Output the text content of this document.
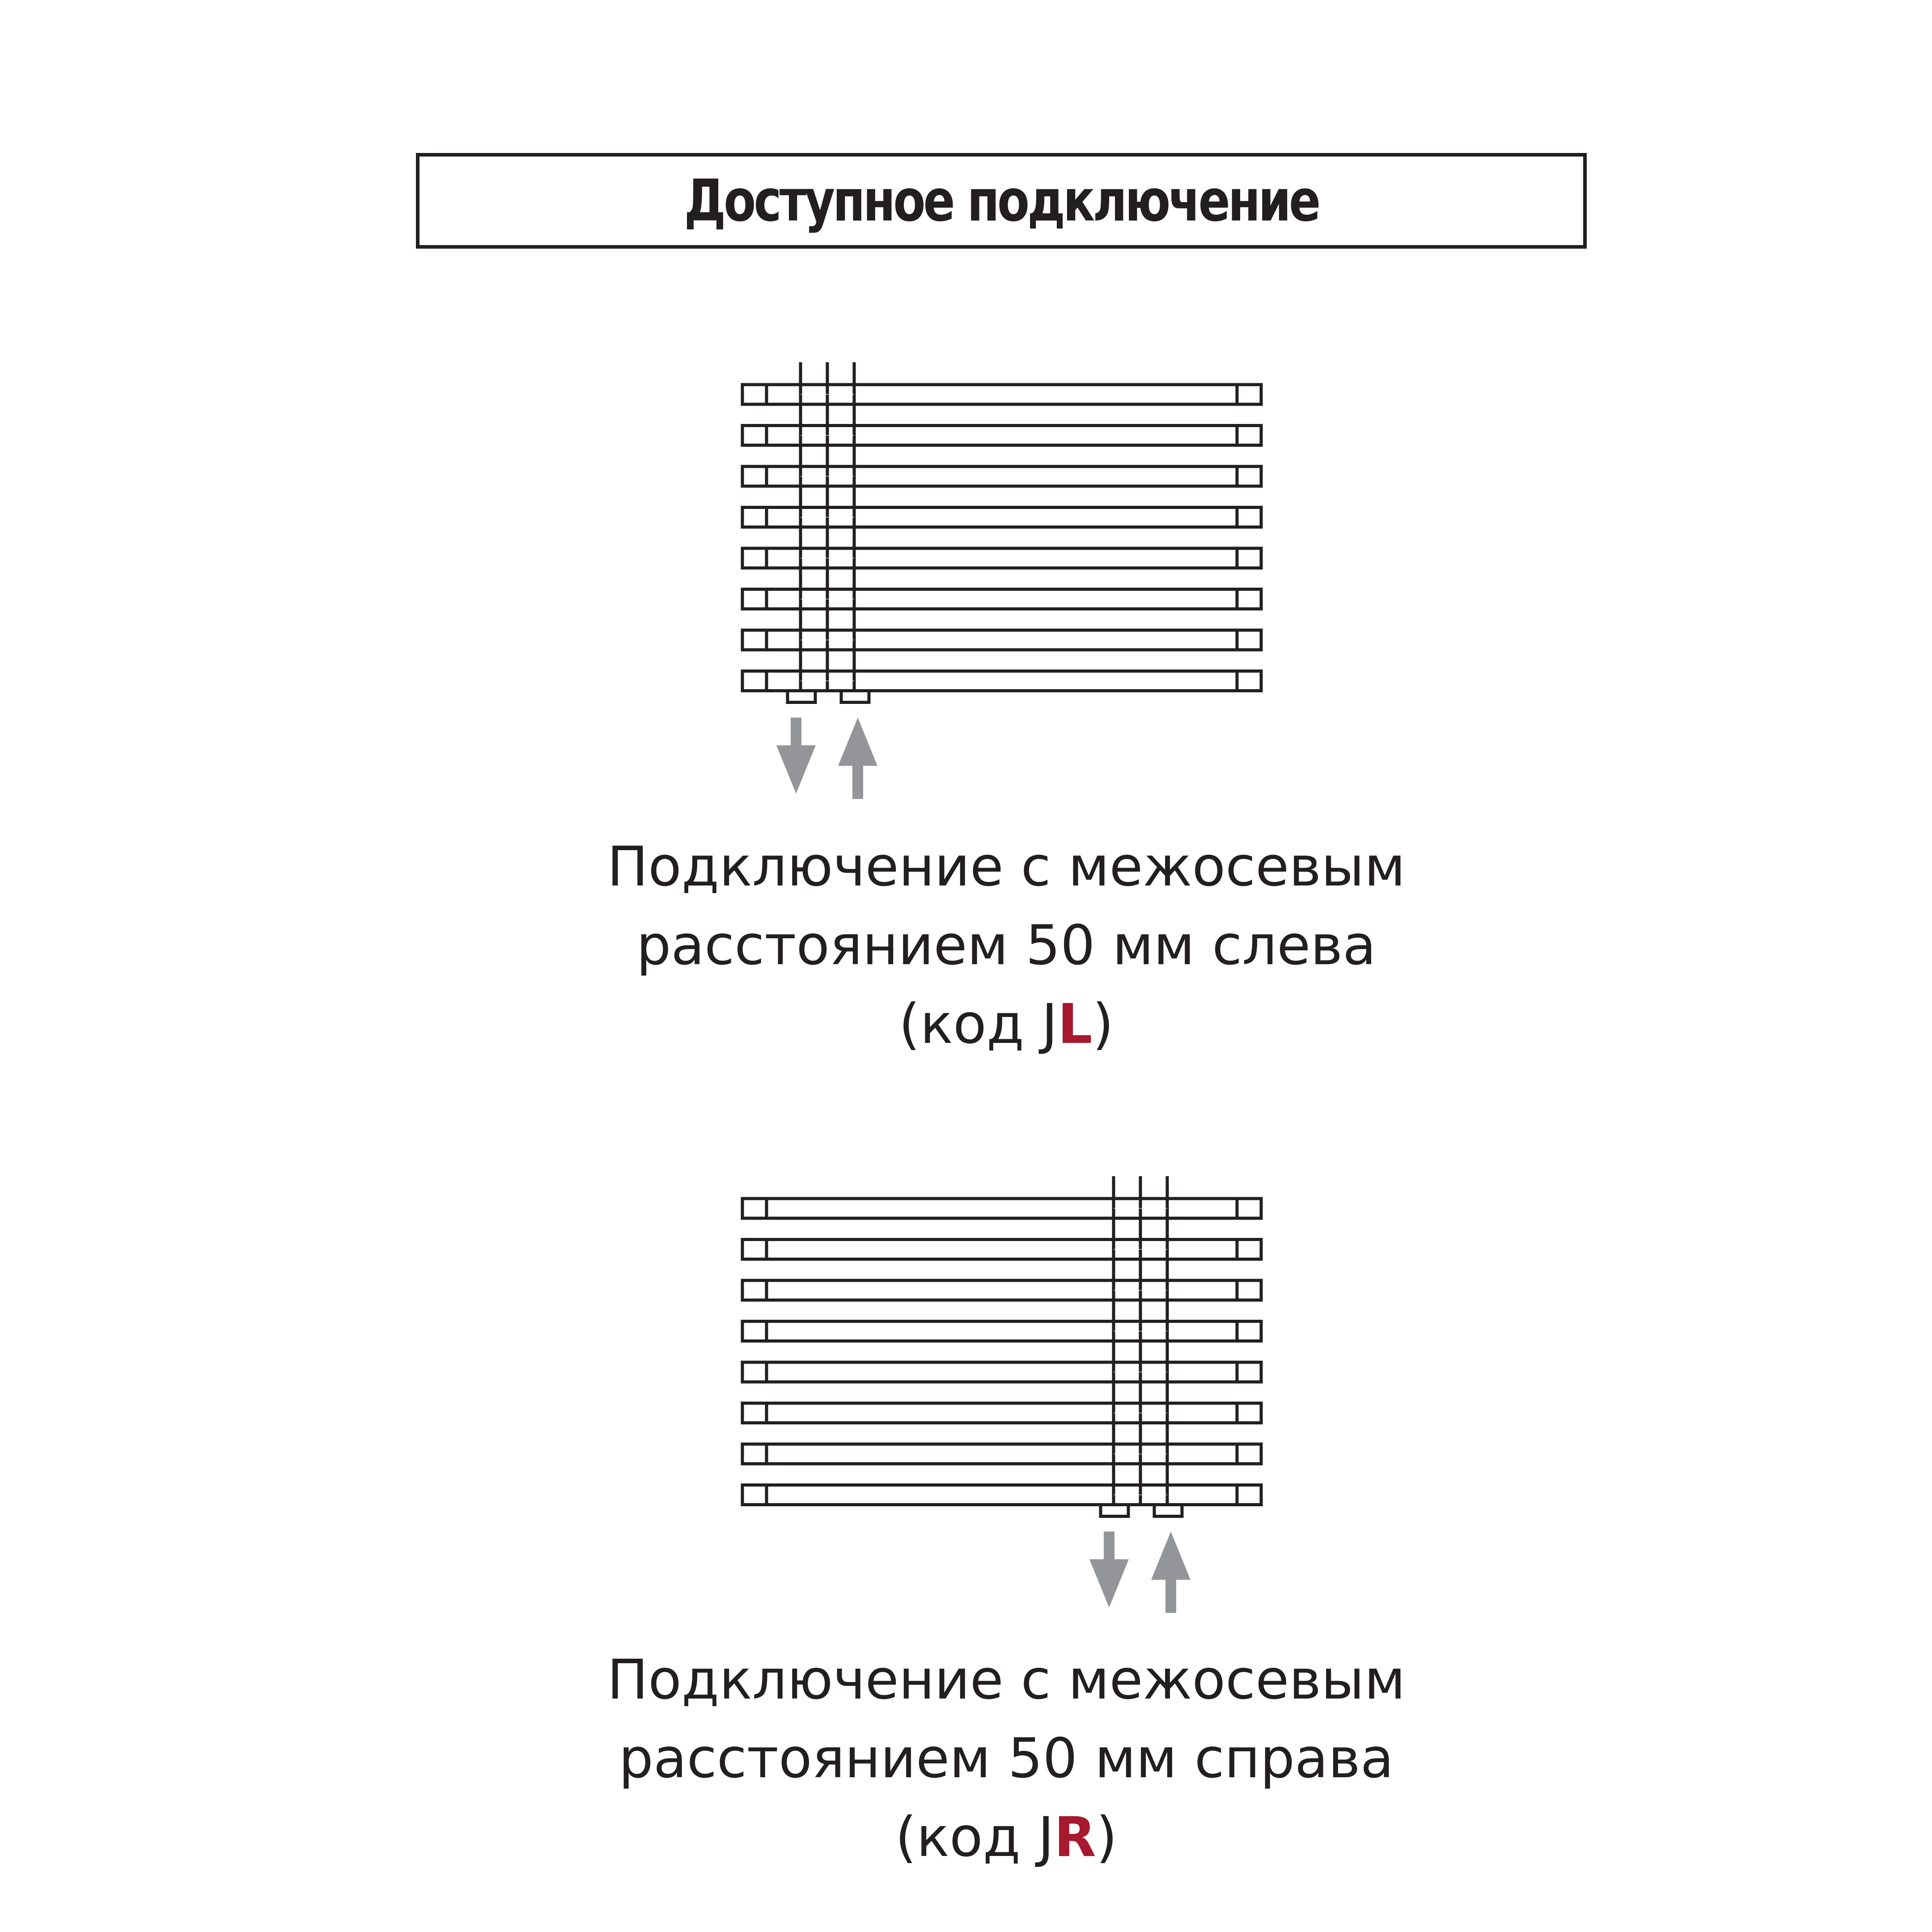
Доступное подключение
Подключение с межосевым
расстоянием 50 мм слева
(код JL)
Подключение с межосевым
расстоянием 50 мм справа
(код JR)
